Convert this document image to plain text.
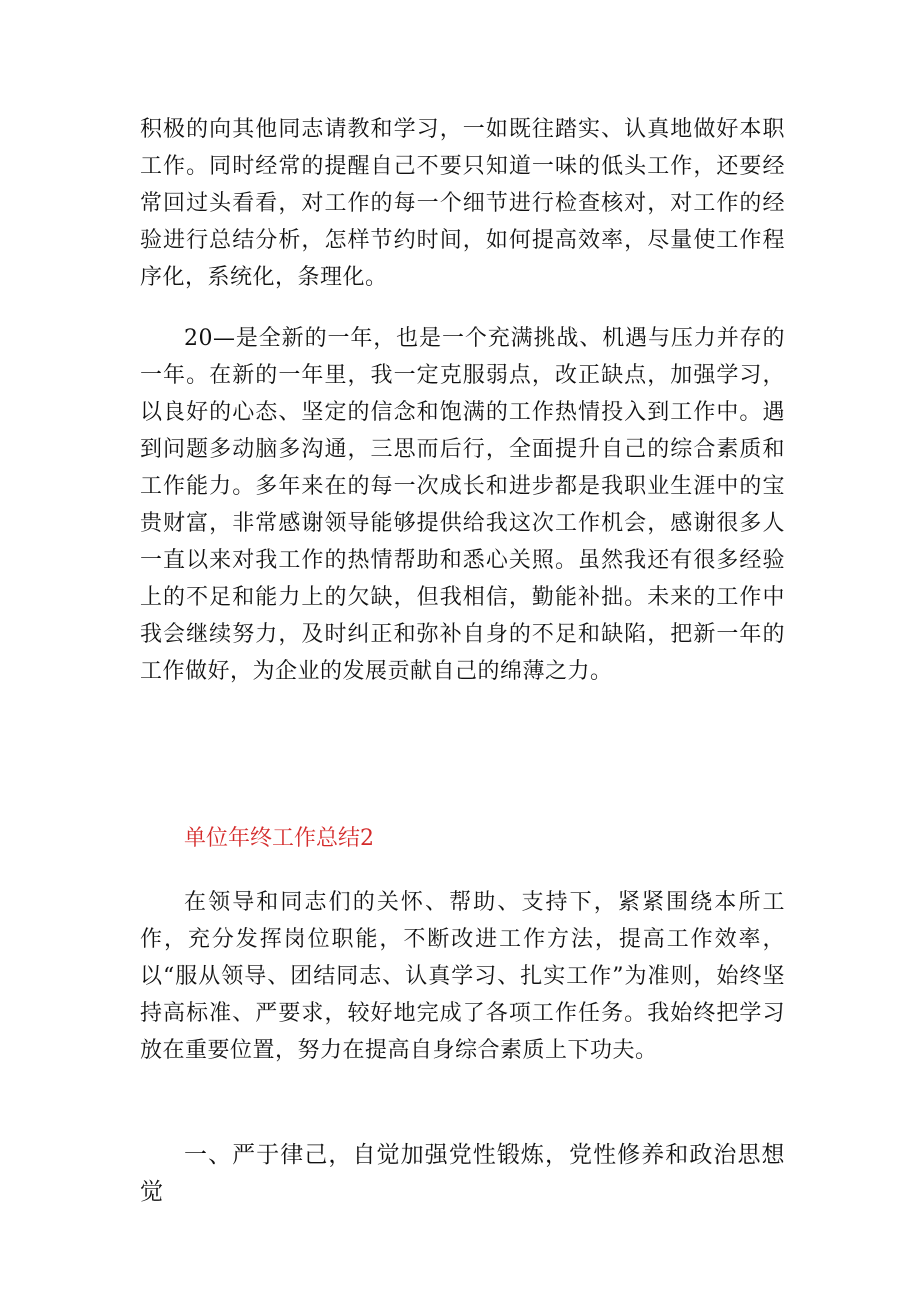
积极的向其他同志请教和学习，一如既往踏实、认真地做好本职工作。同时经常的提醒自己不要只知道一味的低头工作，还要经常回过头看看，对工作的每一个细节进行检查核对，对工作的经验进行总结分析，怎样节约时间，如何提高效率，尽量使工作程序化，系统化，条理化。

20—是全新的一年，也是一个充满挑战、机遇与压力并存的一年。在新的一年里，我一定克服弱点，改正缺点，加强学习，以良好的心态、坚定的信念和饱满的工作热情投入到工作中。遇到问题多动脑多沟通，三思而后行，全面提升自己的综合素质和工作能力。多年来在的每一次成长和进步都是我职业生涯中的宝贵财富，非常感谢领导能够提供给我这次工作机会，感谢很多人一直以来对我工作的热情帮助和悉心关照。虽然我还有很多经验上的不足和能力上的欠缺，但我相信，勤能补拙。未来的工作中我会继续努力，及时纠正和弥补自身的不足和缺陷，把新一年的工作做好，为企业的发展贡献自己的绵薄之力。

单位年终工作总结2

在领导和同志们的关怀、帮助、支持下，紧紧围绕本所工作，充分发挥岗位职能，不断改进工作方法，提高工作效率，以“服从领导、团结同志、认真学习、扎实工作”为准则，始终坚持高标准、严要求，较好地完成了各项工作任务。我始终把学习放在重要位置，努力在提高自身综合素质上下功夫。

一、严于律己，自觉加强党性锻炼，党性修养和政治思想觉
